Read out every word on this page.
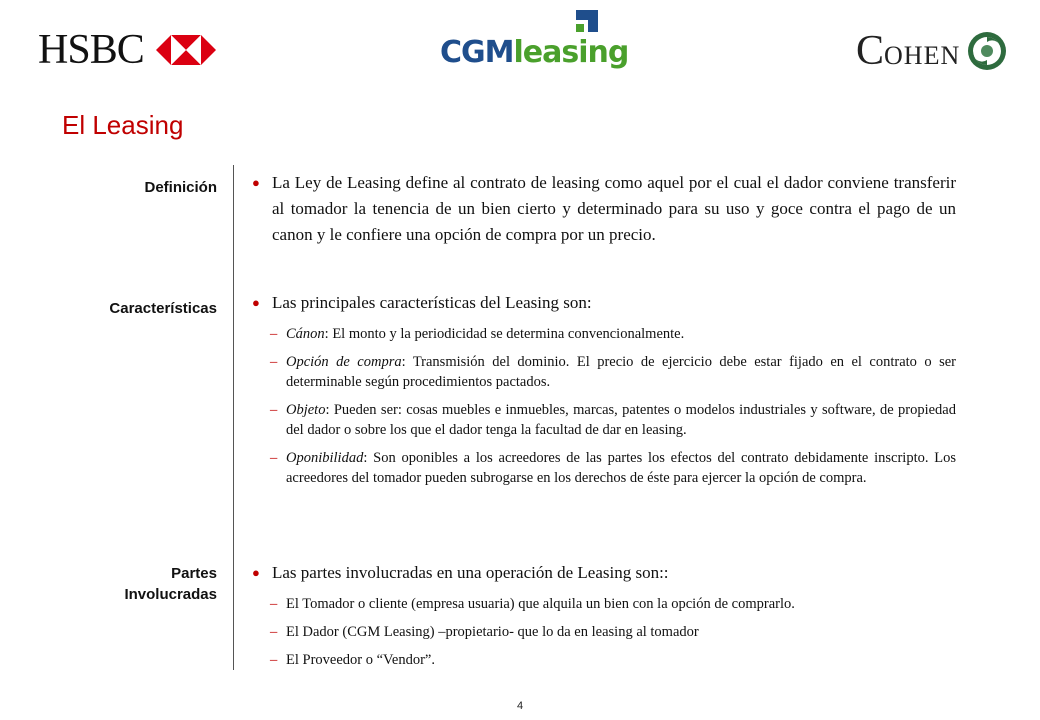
HSBC	CGMleasing	C OHEN
El Leasing
Definición
Características
Partes
Involucradas
● La Ley de Leasing define al contrato de leasing como aquel por el cual el dador conviene transferir al tomador la tenencia de un bien cierto y determinado para su uso y goce contra el pago de un canon y le confiere una opción de compra por un precio.
● Las principales características del Leasing son:
– Cánon: El monto y la periodicidad se determina convencionalmente.
– Opción de compra: Transmisión del dominio. El precio de ejercicio debe estar fijado en el contrato o ser determinable según procedimientos pactados.
– Objeto: Pueden ser: cosas muebles e inmuebles, marcas, patentes o modelos industriales y software, de propiedad del dador o sobre los que el dador tenga la facultad de dar en leasing.
– Oponibilidad: Son oponibles a los acreedores de las partes los efectos del contrato debidamente inscripto. Los acreedores del tomador pueden subrogarse en los derechos de éste para ejercer la opción de compra.
● Las partes involucradas en una operación de Leasing son::
– El Tomador o cliente (empresa usuaria) que alquila un bien con la opción de comprarlo.
– El Dador (CGM Leasing) –propietario- que lo da en leasing al tomador
– El Proveedor o “Vendor”.
4
